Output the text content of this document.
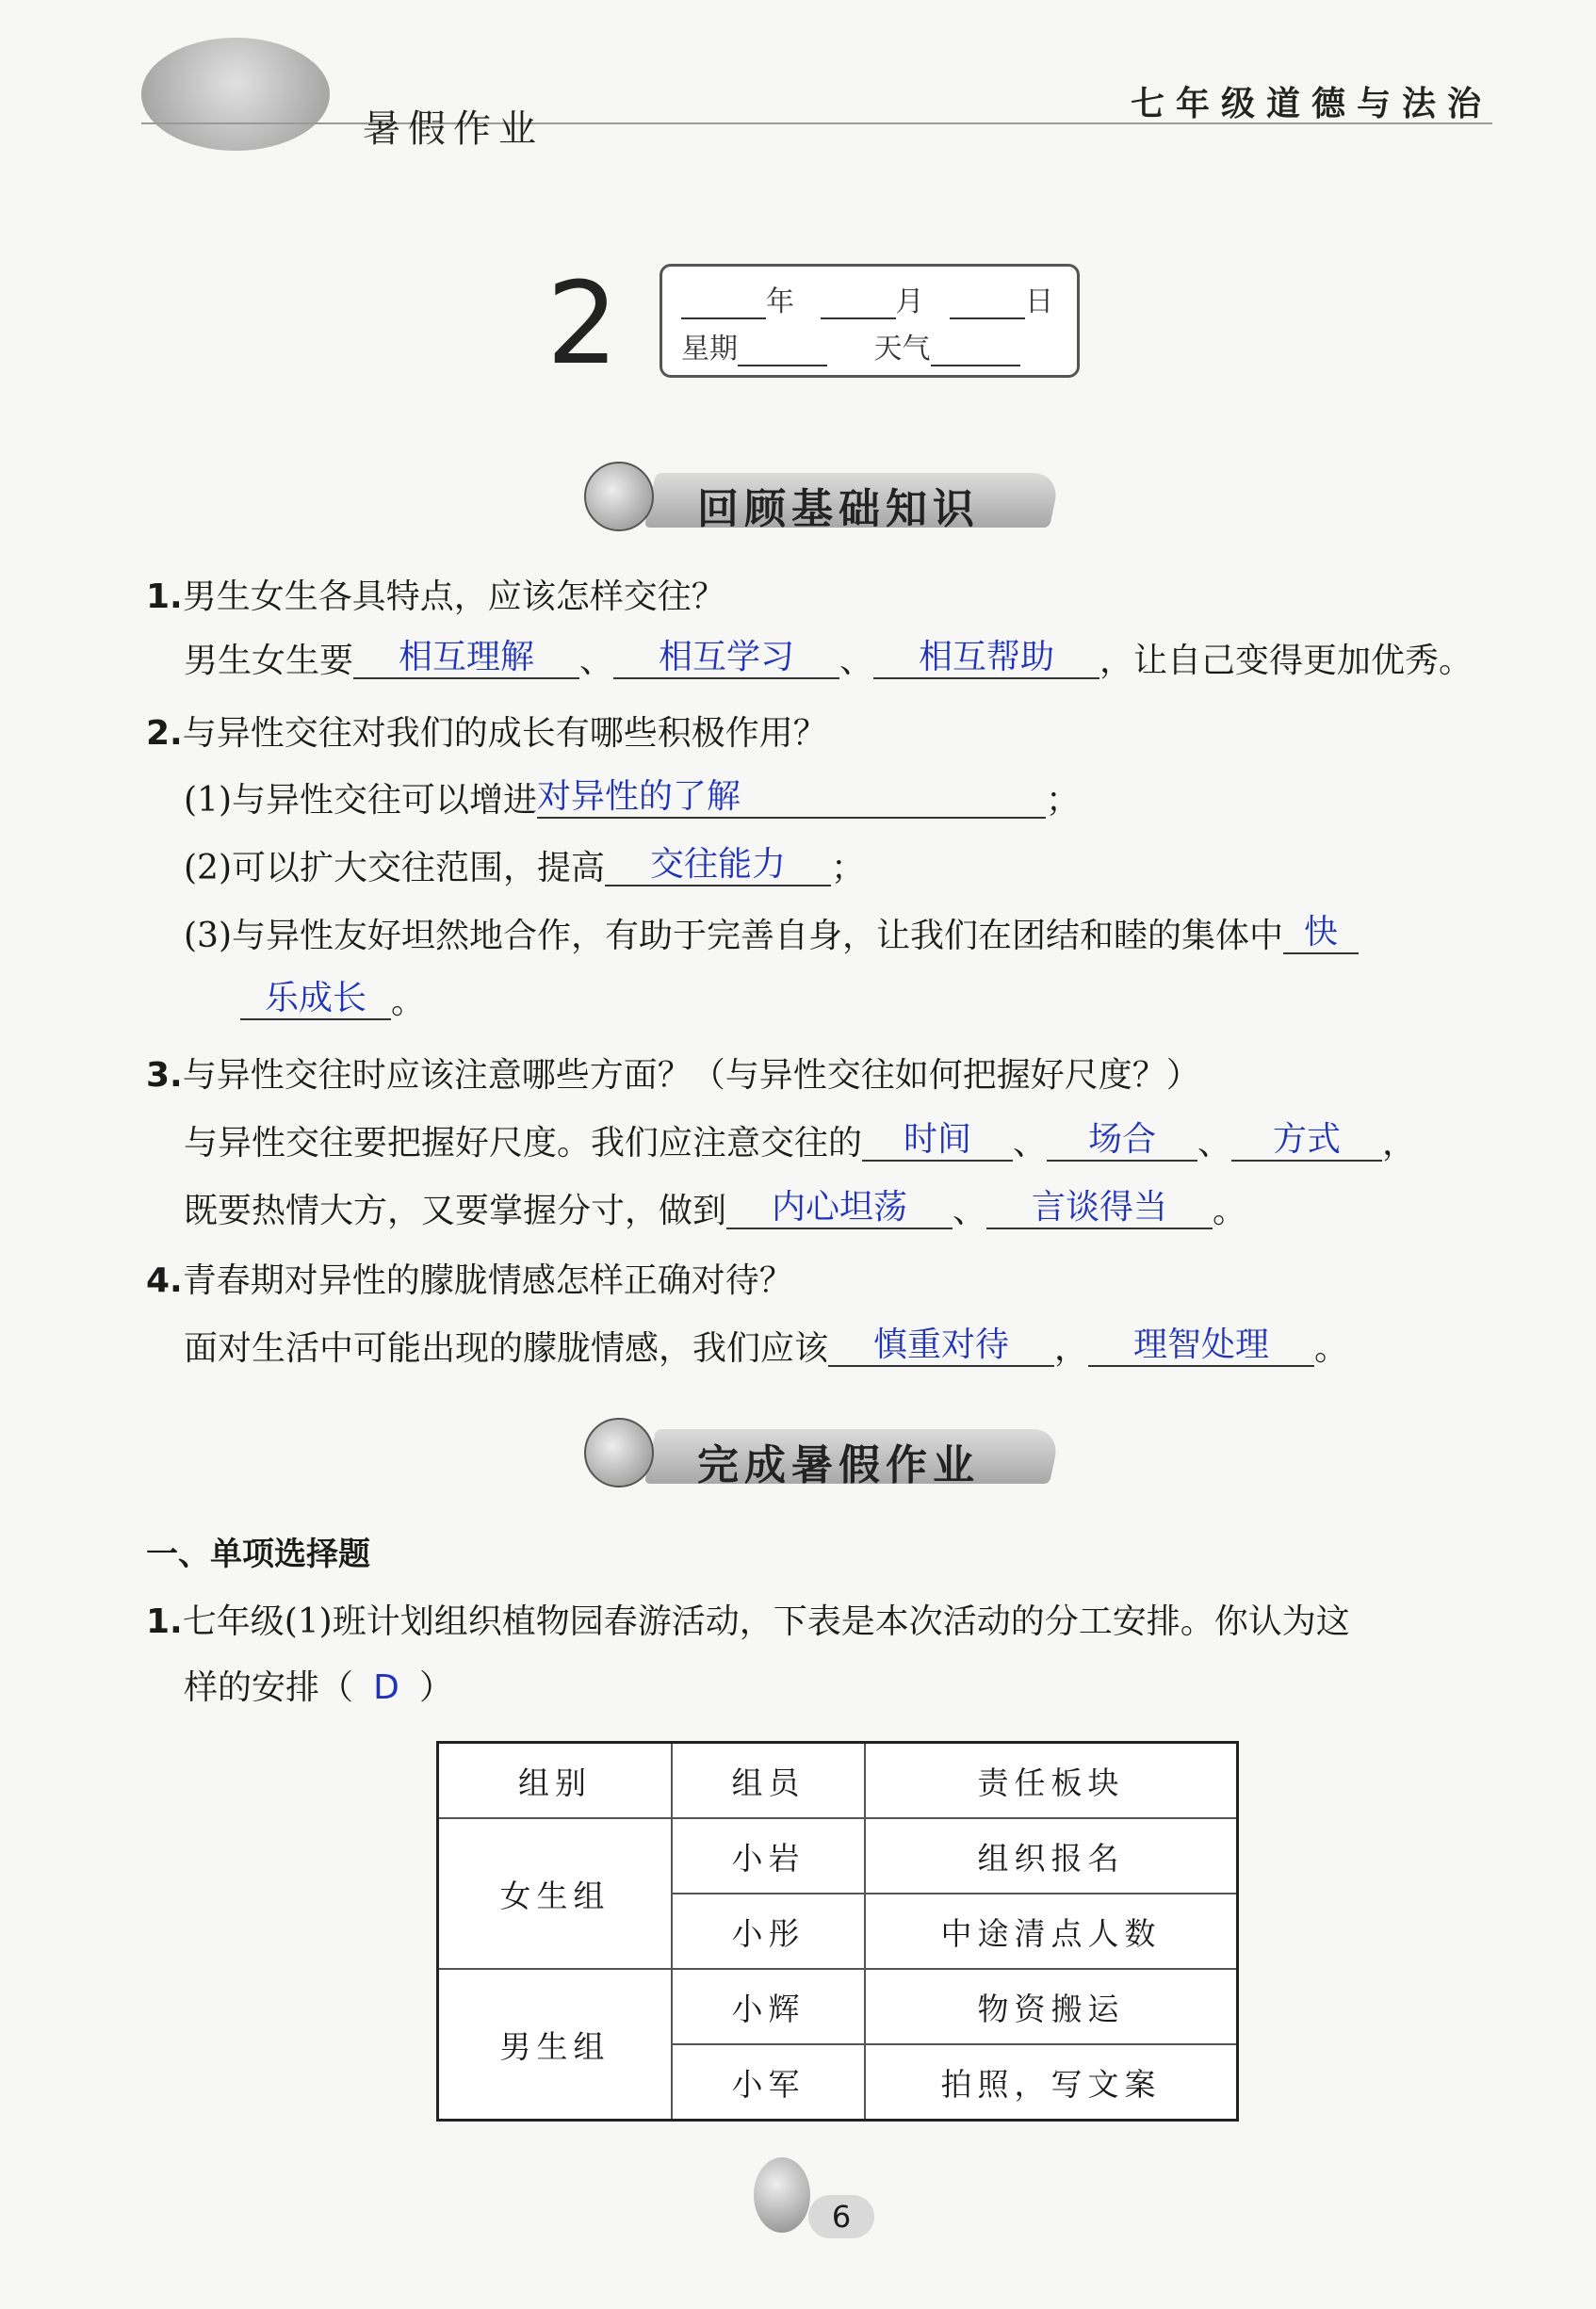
暑假作业
七年级道德与法治
2	年	月	日
星期	天气
回顾基础知识
1.男生女生各具特点，应该怎样交往？
男生女生要 相互理解 、 相互学习 、 相互帮助 ，让自己变得更加优秀。
2.与异性交往对我们的成长有哪些积极作用？
(1)与异性交往可以增进对异性的了解	；
(2)可以扩大交往范围，提高 交往能力 ；
(3)与异性友好坦然地合作，有助于完善自身，让我们在团结和睦的集体中 快
乐成长 。
3.与异性交往时应该注意哪些方面？（与异性交往如何把握好尺度？）
与异性交往要把握好尺度。我们应注意交往的 时间 、 场合 、 方式 ，
既要热情大方，又要掌握分寸，做到 内心坦荡 、 言谈得当 。
4.青春期对异性的朦胧情感怎样正确对待？
面对生活中可能出现的朦胧情感，我们应该 慎重对待 ， 理智处理 。
完成暑假作业
一、单项选择题
1.七年级(1)班计划组织植物园春游活动，下表是本次活动的分工安排。你认为这
样的安排（ D ）
组别	组员	责任板块
女生组	小岩	组织报名
	小彤	中途清点人数
男生组	小辉	物资搬运
	小军	拍照，写文案
6
